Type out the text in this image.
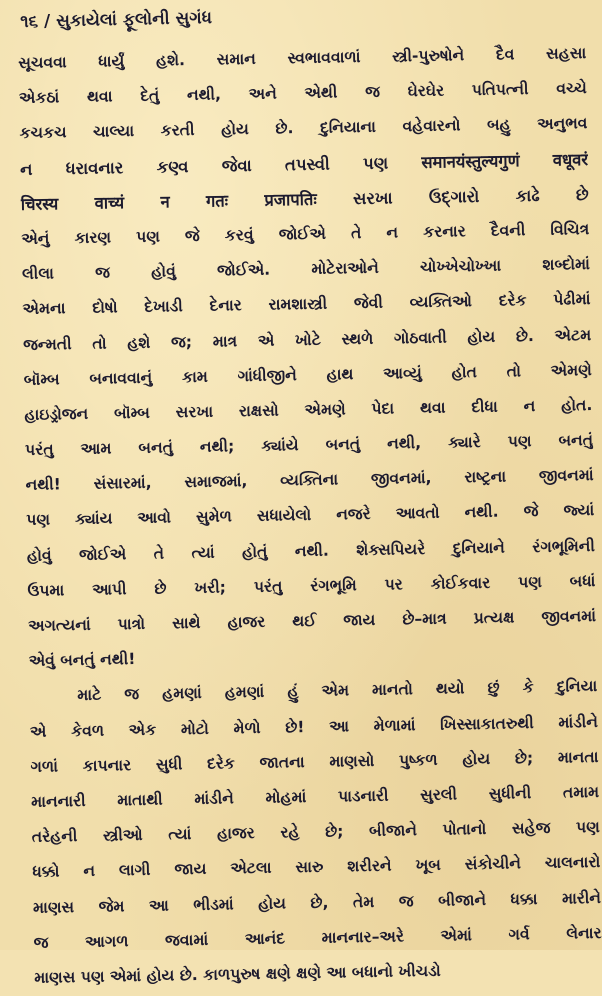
૧૬ / સુકાયેલાં ફૂલોની સુગંધ
સૂચવવા ધાર્યું હશે. સમાન સ્વભાવવાળાં સ્ત્રી-પુરુષોને દૈવ સહસા
એકઠાં થવા દેતું નથી, અને એથી જ ઘેરઘેર પતિપત્ની વચ્ચે
કચકચ ચાલ્યા કરતી હોય છે. દુનિયાના વહેવારનો બહુ અનુભવ
ન ધરાવનાર કણ્વ જેવા તપસ્વી પણ समानयंस्तुल्यगुणं वधूवरं
चिरस्य वाच्यं न गतः प्रजापतिः સરખા ઉદ્ગારો કાઢે છે
એનું કારણ પણ જે કરવું જોઈએ તે ન કરનાર દૈવની વિચિત્ર
લીલા જ હોવું જોઈએ. મોટેરાઓને ચોખ્ખેચોખ્ખા શબ્દોમાં
એમના દોષો દેખાડી દેનાર રામશાસ્ત્રી જેવી વ્યક્તિઓ દરેક પેઢીમાં
જન્મતી તો હશે જ; માત્ર એ ખોટે સ્થળે ગોઠવાતી હોય છે. એટમ
બૉમ્બ બનાવવાનું કામ ગાંધીજીને હાથ આવ્યું હોત તો એમણે
હાઇડ્રોજન બૉમ્બ સરખા રાક્ષસો એમણે પેદા થવા દીધા ન હોત.
પરંતુ આમ બનતું નથી; ક્યાંયે બનતું નથી, ક્યારે પણ બનતું
નથી! સંસારમાં, સમાજમાં, વ્યક્તિના જીવનમાં, રાષ્ટ્રના જીવનમાં
પણ ક્યાંય આવો સુમેળ સધાયેલો નજરે આવતો નથી. જે જ્યાં
હોવું જોઈએ તે ત્યાં હોતું નથી. શેક્સપિયરે દુનિયાને રંગભૂમિની
ઉપમા આપી છે ખરી; પરંતુ રંગભૂમિ પર કોઈકવાર પણ બધાં
અગત્યનાં પાત્રો સાથે હાજર થઈ જાય છે–માત્ર પ્રત્યક્ષ જીવનમાં
એવું બનતું નથી!
માટે જ હમણાં હમણાં હું એમ માનતો થયો છું કે દુનિયા
એ કેવળ એક મોટો મેળો છે! આ મેળામાં ખિસ્સાકાતરુથી માંડીને
ગળાં કાપનાર સુધી દરેક જાતના માણસો પુષ્કળ હોય છે; માનતા
માનનારી માતાથી માંડીને મોહમાં પાડનારી સુરલી સુધીની તમામ
તરેહની સ્ત્રીઓ ત્યાં હાજર રહે છે; બીજાને પોતાનો સહેજ પણ
ધક્કો ન લાગી જાય એટલા સારુ શરીરને ખૂબ સંકોચીને ચાલનારો
માણસ જેમ આ ભીડમાં હોય છે, તેમ જ બીજાને ધક્કા મારીને
જ આગળ જવામાં આનંદ માનનાર–અરે એમાં ગર્વ લેનાર
માણસ પણ એમાં હોય છે. કાળપુરુષ ક્ષણે ક્ષણે આ બધાનો ખીચડો
